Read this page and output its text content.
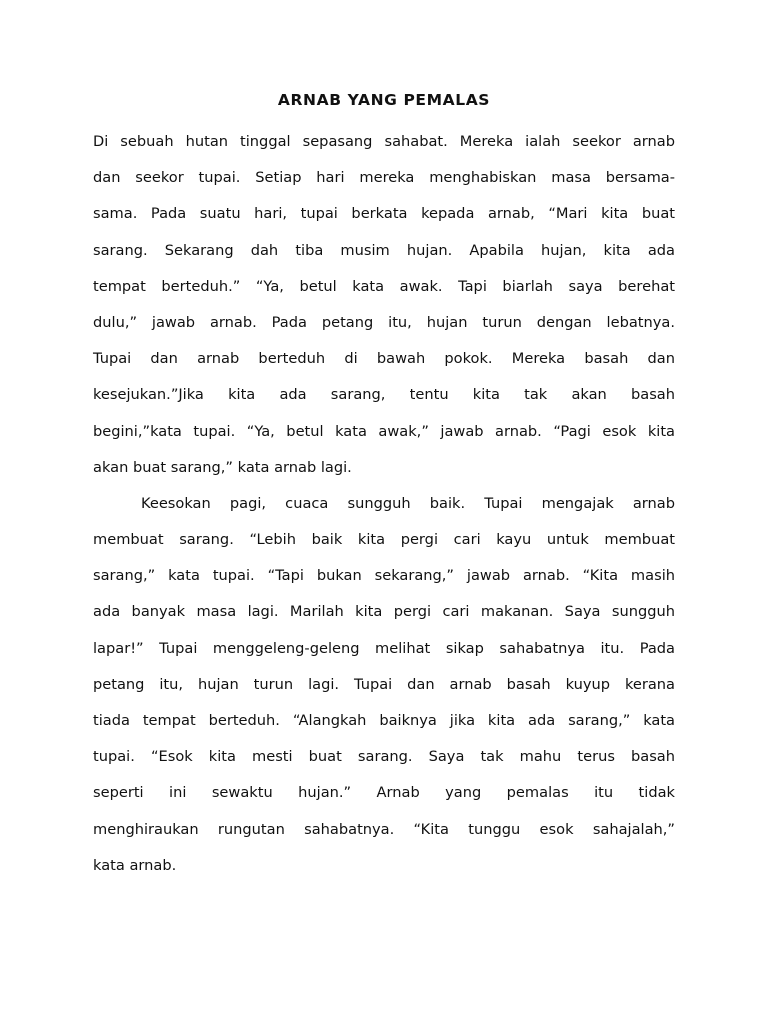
ARNAB YANG PEMALAS
Di sebuah hutan tinggal sepasang sahabat. Mereka ialah seekor arnab
dan seekor tupai. Setiap hari mereka menghabiskan masa bersama-
sama. Pada suatu hari, tupai berkata kepada arnab, “Mari kita buat
sarang. Sekarang dah tiba musim hujan. Apabila hujan, kita ada
tempat berteduh.” “Ya, betul kata awak. Tapi biarlah saya berehat
dulu,” jawab arnab. Pada petang itu, hujan turun dengan lebatnya.
Tupai dan arnab berteduh di bawah pokok. Mereka basah dan
kesejukan.”Jika kita ada sarang, tentu kita tak akan basah
begini,”kata tupai. “Ya, betul kata awak,” jawab arnab. “Pagi esok kita
akan buat sarang,” kata arnab lagi.
Keesokan pagi, cuaca sungguh baik. Tupai mengajak arnab
membuat sarang. “Lebih baik kita pergi cari kayu untuk membuat
sarang,” kata tupai. “Tapi bukan sekarang,” jawab arnab. “Kita masih
ada banyak masa lagi. Marilah kita pergi cari makanan. Saya sungguh
lapar!” Tupai menggeleng-geleng melihat sikap sahabatnya itu. Pada
petang itu, hujan turun lagi. Tupai dan arnab basah kuyup kerana
tiada tempat berteduh. “Alangkah baiknya jika kita ada sarang,” kata
tupai. “Esok kita mesti buat sarang. Saya tak mahu terus basah
seperti ini sewaktu hujan.” Arnab yang pemalas itu tidak
menghiraukan rungutan sahabatnya. “Kita tunggu esok sahajalah,”
kata arnab.
